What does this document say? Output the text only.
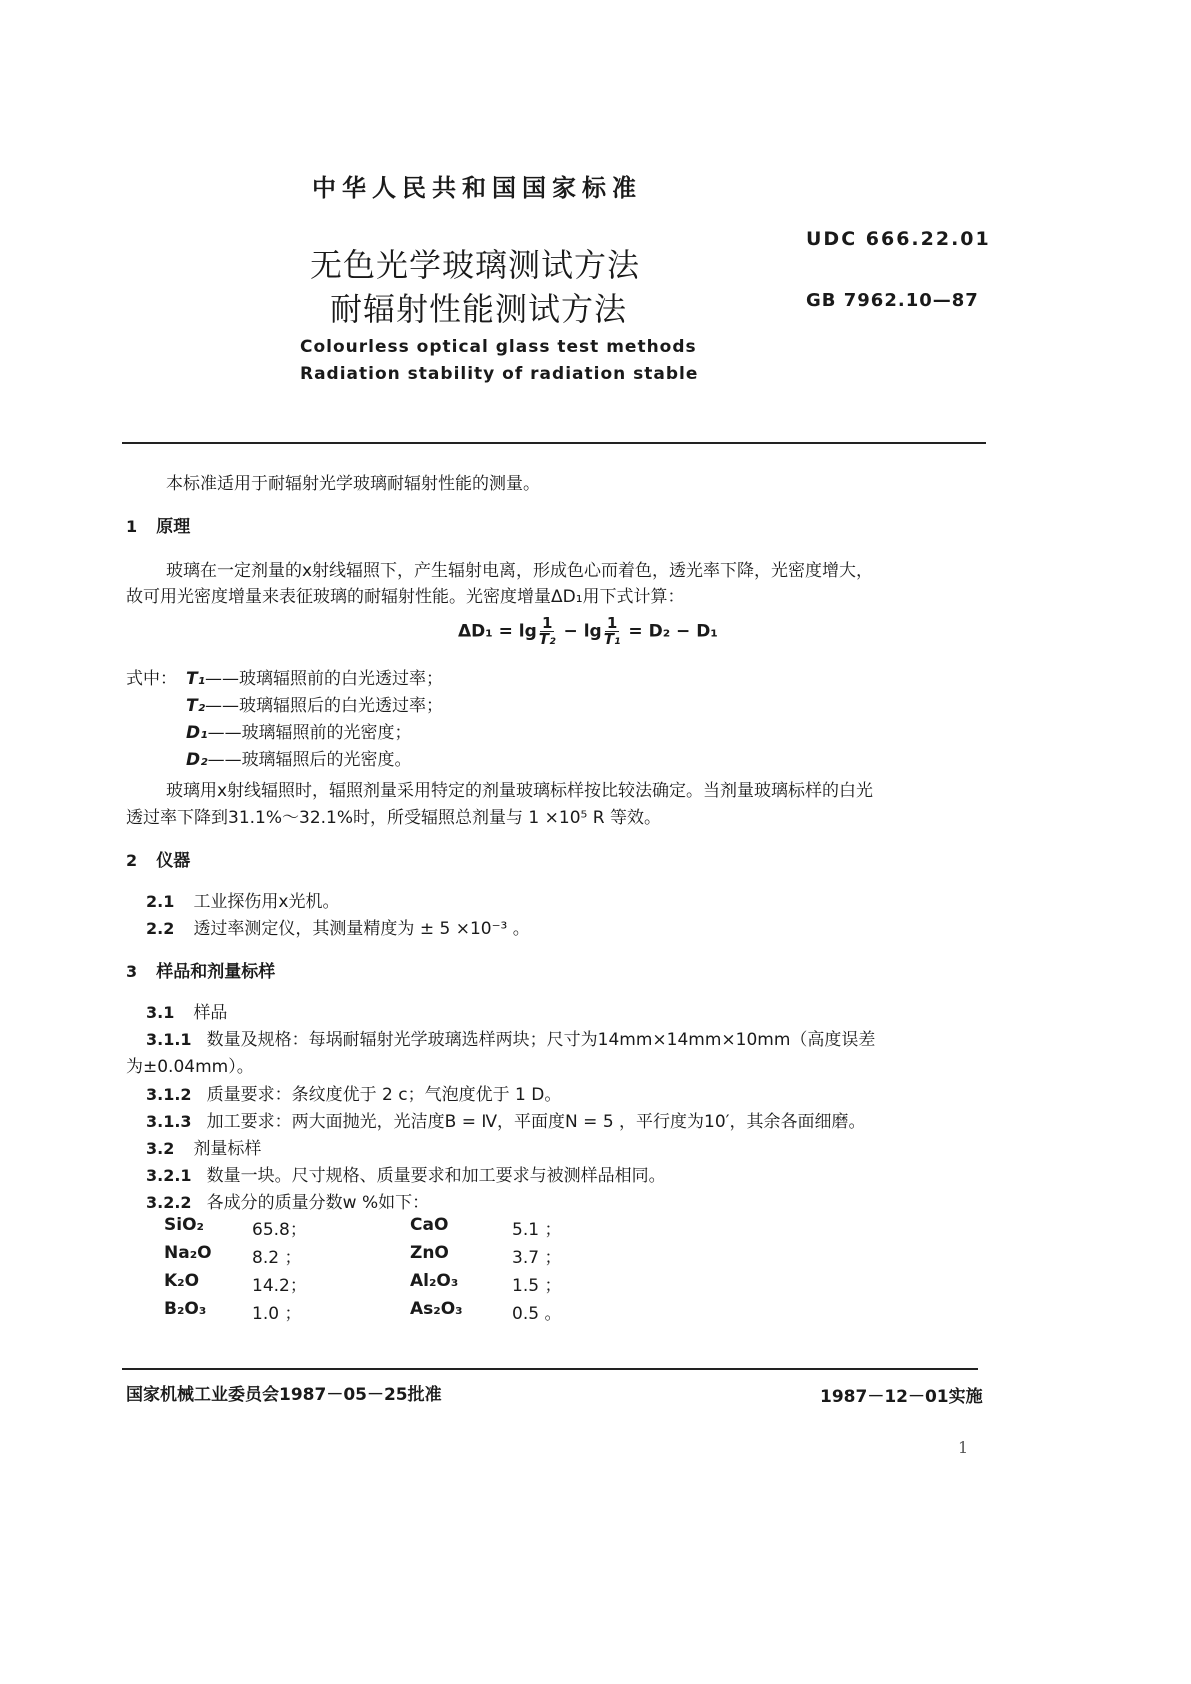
中华人民共和国国家标准
UDC 666.22.01
GB 7962.10—87
无色光学玻璃测试方法
耐辐射性能测试方法
Colourless optical glass test methods
Radiation stability of radiation stable
本标准适用于耐辐射光学玻璃耐辐射性能的测量。
1 原理
玻璃在一定剂量的x射线辐照下，产生辐射电离，形成色心而着色，透光率下降，光密度增大，
故可用光密度增量来表征玻璃的耐辐射性能。光密度增量ΔD₁用下式计算：
$\Delta D_1 = \lg \frac{1}{\text{T₂}} - \lg \frac{1}{\text{T₁}} = D_2 - D_1$
式中： T₁——玻璃辐照前的白光透过率；
T₂——玻璃辐照后的白光透过率；
D₁——玻璃辐照前的光密度；
D₂——玻璃辐照后的光密度。
玻璃用x射线辐照时，辐照剂量采用特定的剂量玻璃标样按比较法确定。当剂量玻璃标样的白光
透过率下降到31.1%～32.1%时，所受辐照总剂量与 1 ×10⁵ R 等效。
2 仪器
2.1 工业探伤用x光机。
2.2 透过率测定仪，其测量精度为 ± 5 ×10⁻³ 。
3 样品和剂量标样
3.1 样品
3.1.1 数量及规格：每埚耐辐射光学玻璃选样两块；尺寸为14mm×14mm×10mm（高度误差
为±0.04mm）。
3.1.2 质量要求：条纹度优于 2 c；气泡度优于 1 D。
3.1.3 加工要求：两大面抛光，光洁度B = Ⅳ，平面度N = 5 ，平行度为10′，其余各面细磨。
3.2 剂量标样
3.2.1 数量一块。尺寸规格、质量要求和加工要求与被测样品相同。
3.2.2 各成分的质量分数w %如下：
SiO₂	65.8；	CaO	5.1 ；
Na₂O 8.2 ；	ZnO	3.7 ；
K₂O	14.2；	Al₂O₃	1.5 ；
B₂O₃	1.0 ；	As₂O₃	0.5 。
国家机械工业委员会1987－05－25批准	1987－12－01实施
1
